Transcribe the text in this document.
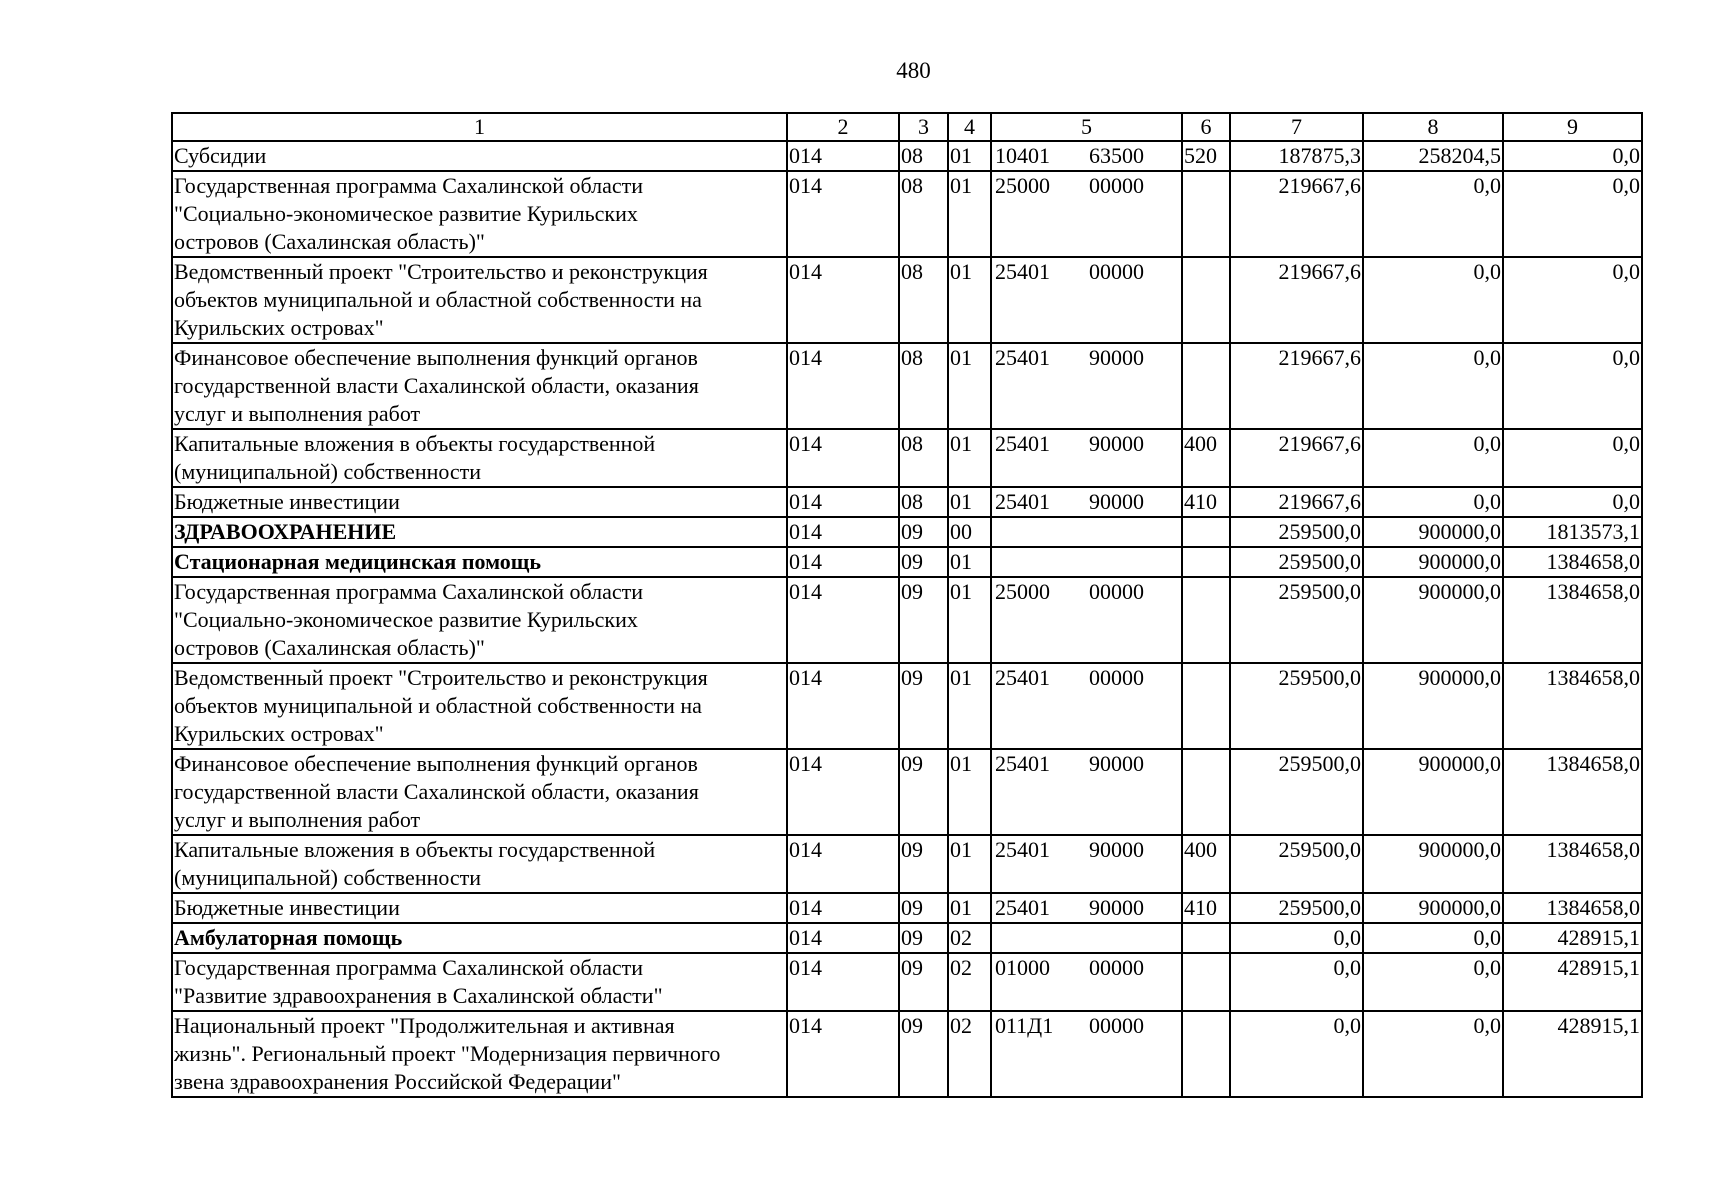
480
1	2	3	4	5	6	7	8	9
Субсидии	014	08	01	10401 63500	520	187875,3	258204,5	0,0
Государственная программа Сахалинской области
"Социально-экономическое развитие Курильских
островов (Сахалинская область)"	014	08	01	25000 00000		219667,6	0,0	0,0
Ведомственный проект "Строительство и реконструкция
объектов муниципальной и областной собственности на
Курильских островах"	014	08	01	25401 00000		219667,6	0,0	0,0
Финансовое обеспечение выполнения функций органов
государственной власти Сахалинской области, оказания
услуг и выполнения работ	014	08	01	25401 90000		219667,6	0,0	0,0
Капитальные вложения в объекты государственной
(муниципальной) собственности	014	08	01	25401 90000	400	219667,6	0,0	0,0
Бюджетные инвестиции	014	08	01	25401 90000	410	219667,6	0,0	0,0
ЗДРАВООХРАНЕНИЕ	014	09	00			259500,0	900000,0	1813573,1
Стационарная медицинская помощь	014	09	01			259500,0	900000,0	1384658,0
Государственная программа Сахалинской области
"Социально-экономическое развитие Курильских
островов (Сахалинская область)"	014	09	01	25000 00000		259500,0	900000,0	1384658,0
Ведомственный проект "Строительство и реконструкция
объектов муниципальной и областной собственности на
Курильских островах"	014	09	01	25401 00000		259500,0	900000,0	1384658,0
Финансовое обеспечение выполнения функций органов
государственной власти Сахалинской области, оказания
услуг и выполнения работ	014	09	01	25401 90000		259500,0	900000,0	1384658,0
Капитальные вложения в объекты государственной
(муниципальной) собственности	014	09	01	25401 90000	400	259500,0	900000,0	1384658,0
Бюджетные инвестиции	014	09	01	25401 90000	410	259500,0	900000,0	1384658,0
Амбулаторная помощь	014	09	02			0,0	0,0	428915,1
Государственная программа Сахалинской области
"Развитие здравоохранения в Сахалинской области"	014	09	02	01000 00000		0,0	0,0	428915,1
Национальный проект "Продолжительная и активная
жизнь". Региональный проект "Модернизация первичного
звена здравоохранения Российской Федерации"	014	09	02	011Д1 00000		0,0	0,0	428915,1
